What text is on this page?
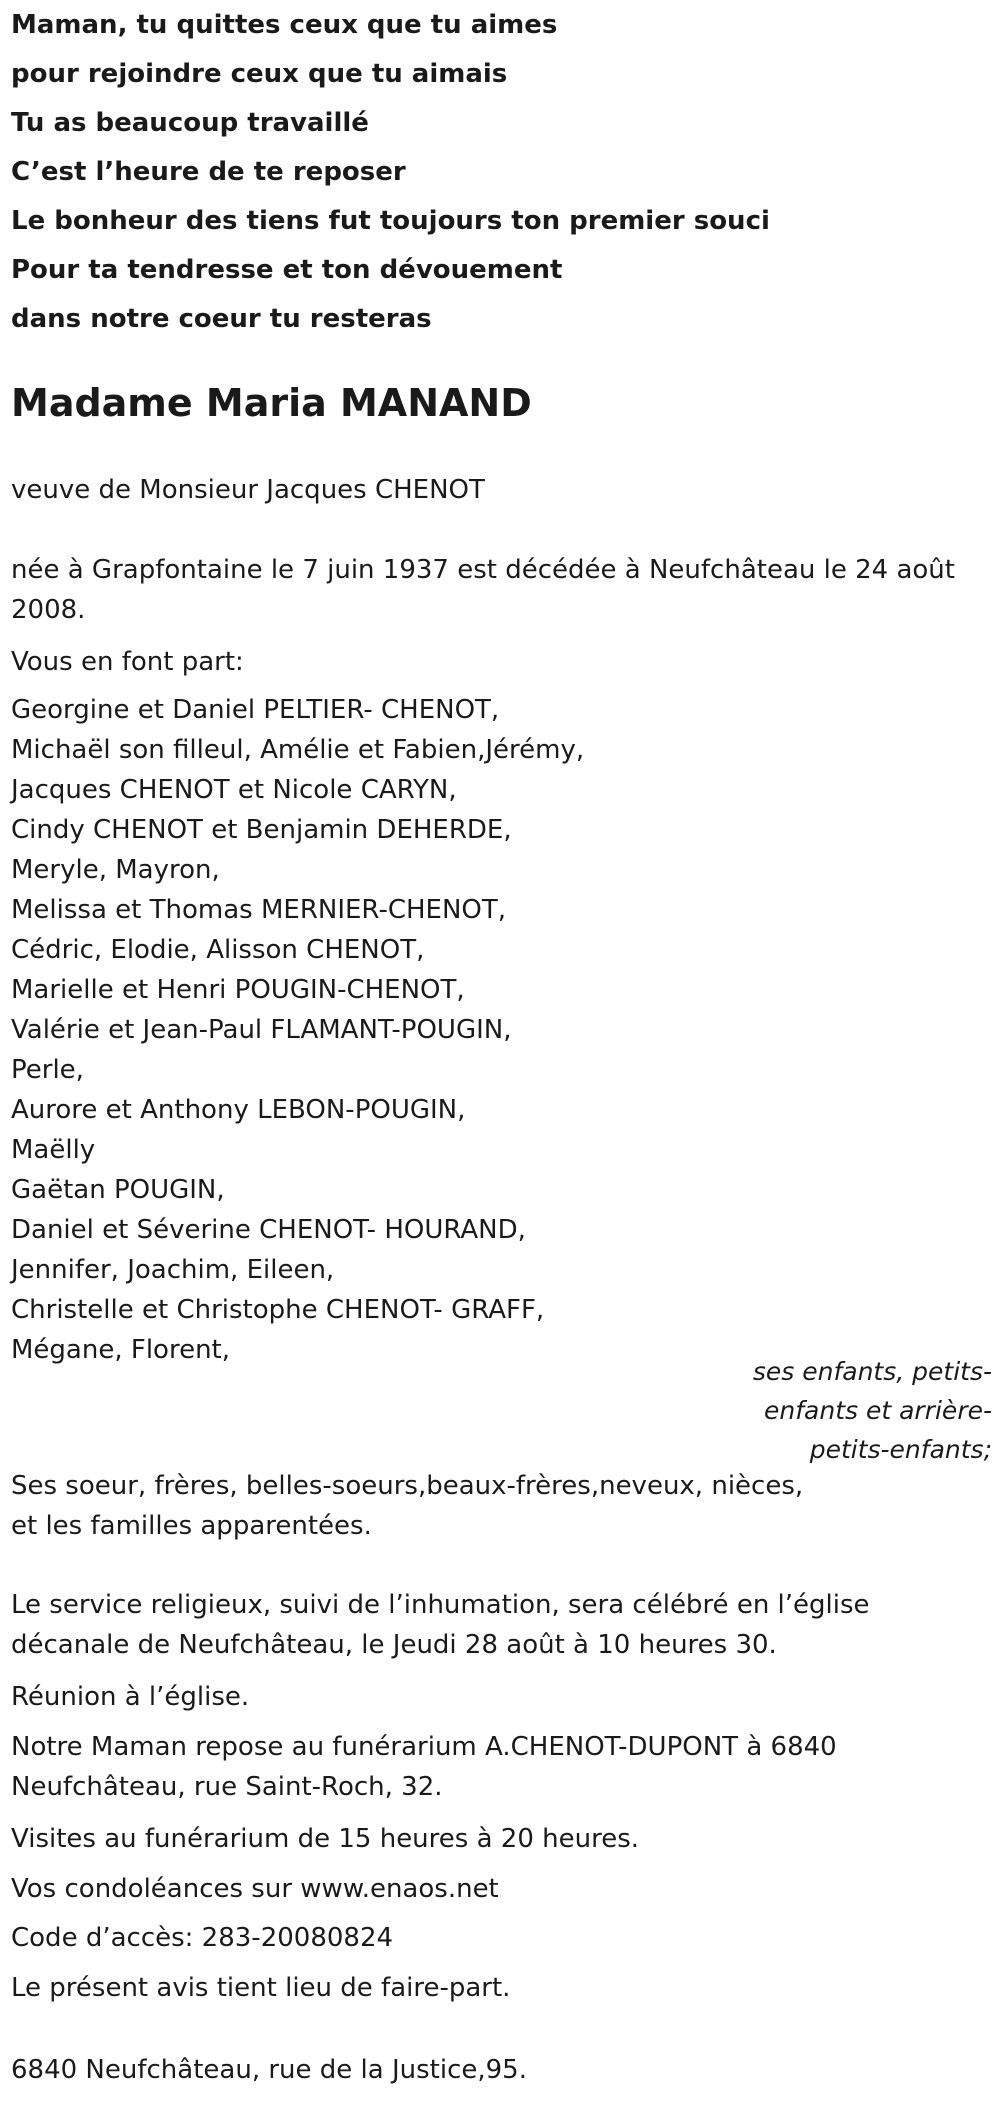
Maman, tu quittes ceux que tu aimes
pour rejoindre ceux que tu aimais
Tu as beaucoup travaillé
C’est l’heure de te reposer
Le bonheur des tiens fut toujours ton premier souci
Pour ta tendresse et ton dévouement
dans notre coeur tu resteras
Madame Maria MANAND
veuve de Monsieur Jacques CHENOT
née à Grapfontaine le 7 juin 1937 est décédée à Neufchâteau le 24 août
2008.
Vous en font part:
Georgine et Daniel PELTIER- CHENOT,
Michaël son filleul, Amélie et Fabien,Jérémy,
Jacques CHENOT et Nicole CARYN,
Cindy CHENOT et Benjamin DEHERDE,
Meryle, Mayron,
Melissa et Thomas MERNIER-CHENOT,
Cédric, Elodie, Alisson CHENOT,
Marielle et Henri POUGIN-CHENOT,
Valérie et Jean-Paul FLAMANT-POUGIN,
Perle,
Aurore et Anthony LEBON-POUGIN,
Maëlly
Gaëtan POUGIN,
Daniel et Séverine CHENOT- HOURAND,
Jennifer, Joachim, Eileen,
Christelle et Christophe CHENOT- GRAFF,
Mégane, Florent,
ses enfants, petits-
enfants et arrière-
petits-enfants;
Ses soeur, frères, belles-soeurs,beaux-frères,neveux, nièces,
et les familles apparentées.
Le service religieux, suivi de l’inhumation, sera célébré en l’église
décanale de Neufchâteau, le Jeudi 28 août à 10 heures 30.
Réunion à l’église.
Notre Maman repose au funérarium A.CHENOT-DUPONT à 6840
Neufchâteau, rue Saint-Roch, 32.
Visites au funérarium de 15 heures à 20 heures.
Vos condoléances sur www.enaos.net
Code d’accès: 283-20080824
Le présent avis tient lieu de faire-part.
6840 Neufchâteau, rue de la Justice,95.
